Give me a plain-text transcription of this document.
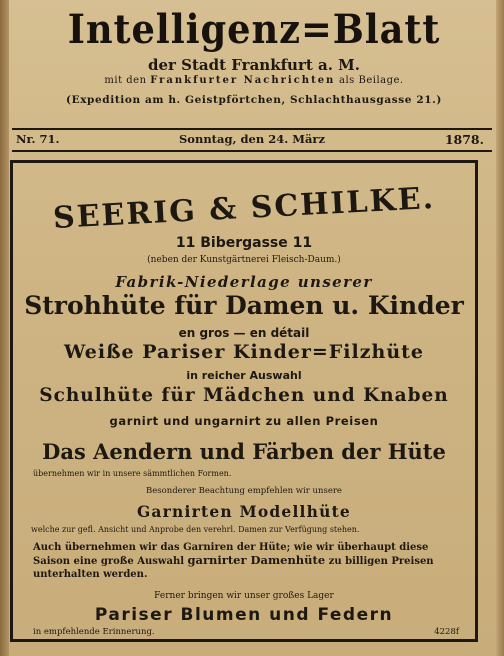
Intelligenz=Blatt
der Stadt Frankfurt a. M.
mit den Frankfurter Nachrichten als Beilage.
(Expedition am h. Geistpförtchen, Schlachthausgasse 21.)
Nr. 71.	Sonntag, den 24. März	1878.
SEERIG & SCHILKE.
11 Bibergasse 11
(neben der Kunstgärtnerei Fleisch-Daum.)
Fabrik-Niederlage unserer
Strohhüte für Damen u. Kinder
en gros — en détail
Weiße Pariser Kinder=Filzhüte
in reicher Auswahl
Schulhüte für Mädchen und Knaben
garnirt und ungarnirt zu allen Preisen
Das Aendern und Färben der Hüte
übernehmen wir in unsere sämmtlichen Formen.
Besonderer Beachtung empfehlen wir unsere
Garnirten Modellhüte
welche zur gefl. Ansicht und Anprobe den verehrl. Damen zur Verfügung stehen.
Auch übernehmen wir das Garniren der Hüte; wie wir überhaupt diese Saison eine große Auswahl garnirter Damenhüte zu billigen Preisen unterhalten werden.
Ferner bringen wir unser großes Lager
Pariser Blumen und Federn
in empfehlende Erinnerung.	4228f
